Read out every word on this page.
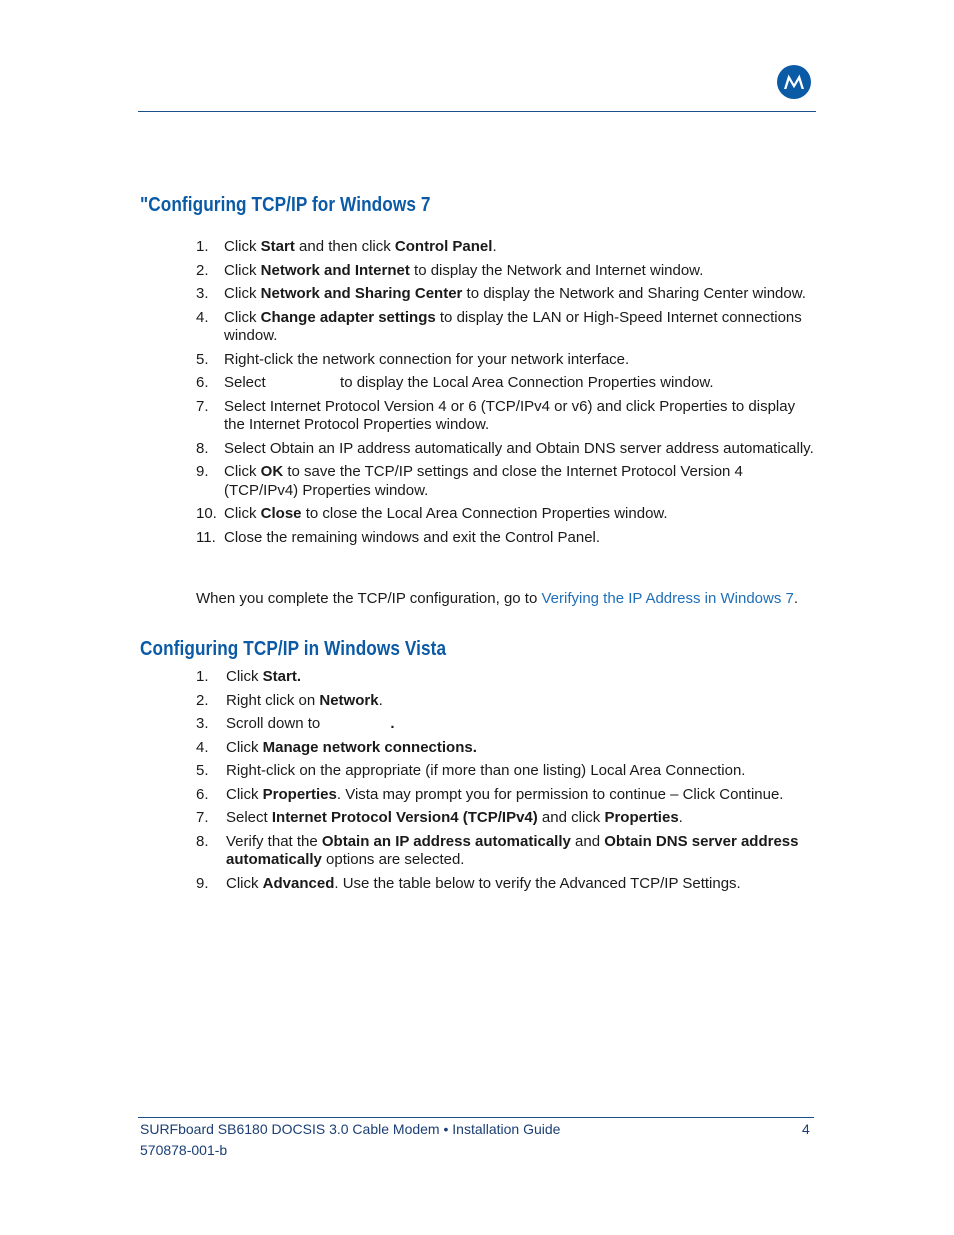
"Configuring TCP/IP for Windows 7
1. Click Start and then click Control Panel.
2. Click Network and Internet to display the Network and Internet window.
3. Click Network and Sharing Center to display the Network and Sharing Center window.
4. Click Change adapter settings to display the LAN or High-Speed Internet connections window.
5. Right-click the network connection for your network interface.
6. Select	to display the Local Area Connection Properties window.
7. Select Internet Protocol Version 4 or 6 (TCP/IPv4 or v6) and click Properties to display the Internet Protocol Properties window.
8. Select Obtain an IP address automatically and Obtain DNS server address automatically.
9. Click OK to save the TCP/IP settings and close the Internet Protocol Version 4 (TCP/IPv4) Properties window.
10. Click Close to close the Local Area Connection Properties window.
11. Close the remaining windows and exit the Control Panel.

When you complete the TCP/IP configuration, go to Verifying the IP Address in Windows 7.

Configuring TCP/IP in Windows Vista
1. Click Start.
2. Right click on Network.
3. Scroll down to	.
4. Click Manage network connections.
5. Right-click on the appropriate (if more than one listing) Local Area Connection.
6. Click Properties. Vista may prompt you for permission to continue – Click Continue.
7. Select Internet Protocol Version4 (TCP/IPv4) and click Properties.
8. Verify that the Obtain an IP address automatically and Obtain DNS server address automatically options are selected.
9. Click Advanced. Use the table below to verify the Advanced TCP/IP Settings.
SURFboard SB6180 DOCSIS 3.0 Cable Modem • Installation Guide	4
570878-001-b
